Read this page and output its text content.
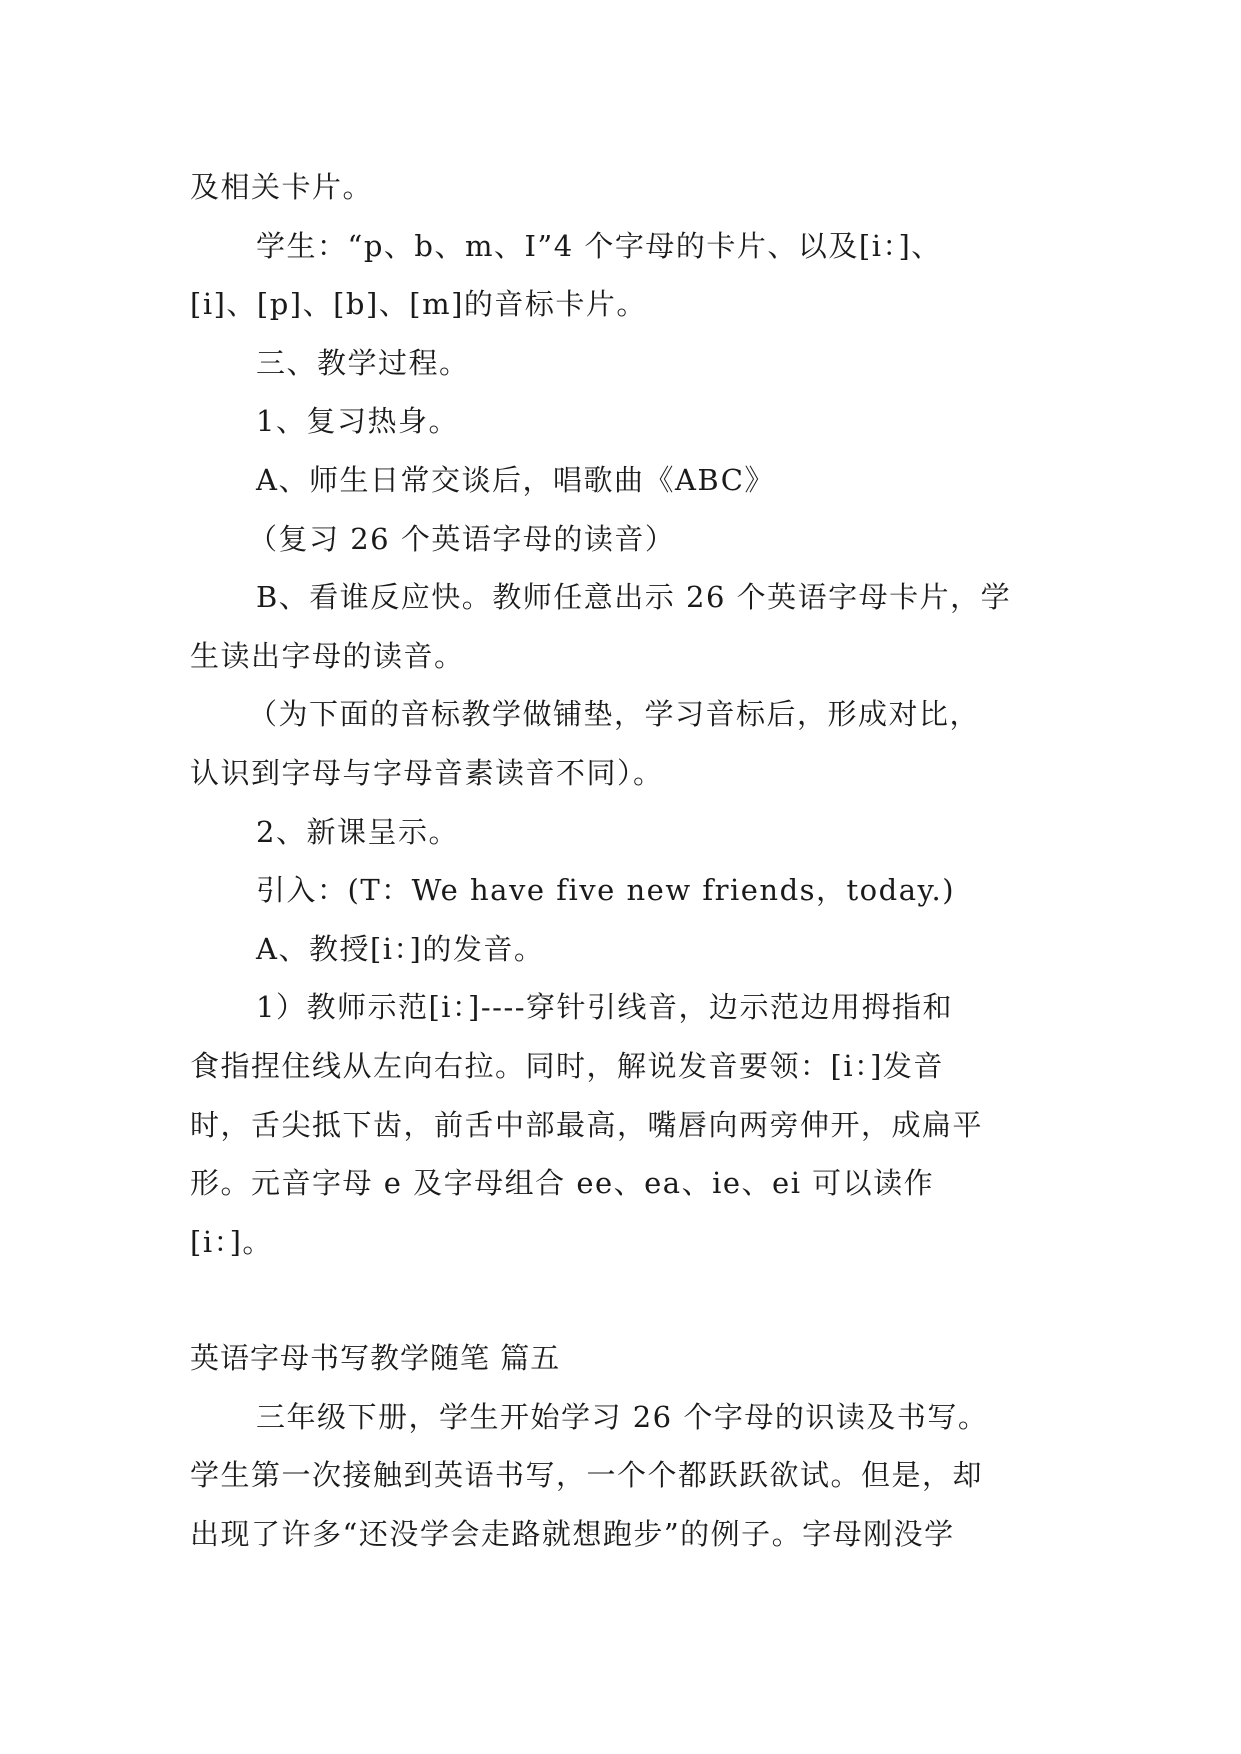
及相关卡片。
学生：“p、b、m、I”4 个字母的卡片、以及[i：]、
[i]、[p]、[b]、[m]的音标卡片。
三、教学过程。
1、复习热身。
A、师生日常交谈后，唱歌曲《ABC》
（复习 26 个英语字母的读音）
B、看谁反应快。教师任意出示 26 个英语字母卡片，学
生读出字母的读音。
（为下面的音标教学做铺垫，学习音标后，形成对比，
认识到字母与字母音素读音不同）。
2、新课呈示。
引入：(T：We have five new friends，today.)
A、教授[i：]的发音。
1）教师示范[i：]----穿针引线音，边示范边用拇指和
食指捏住线从左向右拉。同时，解说发音要领：[i：]发音
时，舌尖抵下齿，前舌中部最高，嘴唇向两旁伸开，成扁平
形。元音字母 e 及字母组合 ee、ea、ie、ei 可以读作
[i：]。
英语字母书写教学随笔 篇五
三年级下册，学生开始学习 26 个字母的识读及书写。
学生第一次接触到英语书写，一个个都跃跃欲试。但是，却
出现了许多“还没学会走路就想跑步”的例子。字母刚没学
